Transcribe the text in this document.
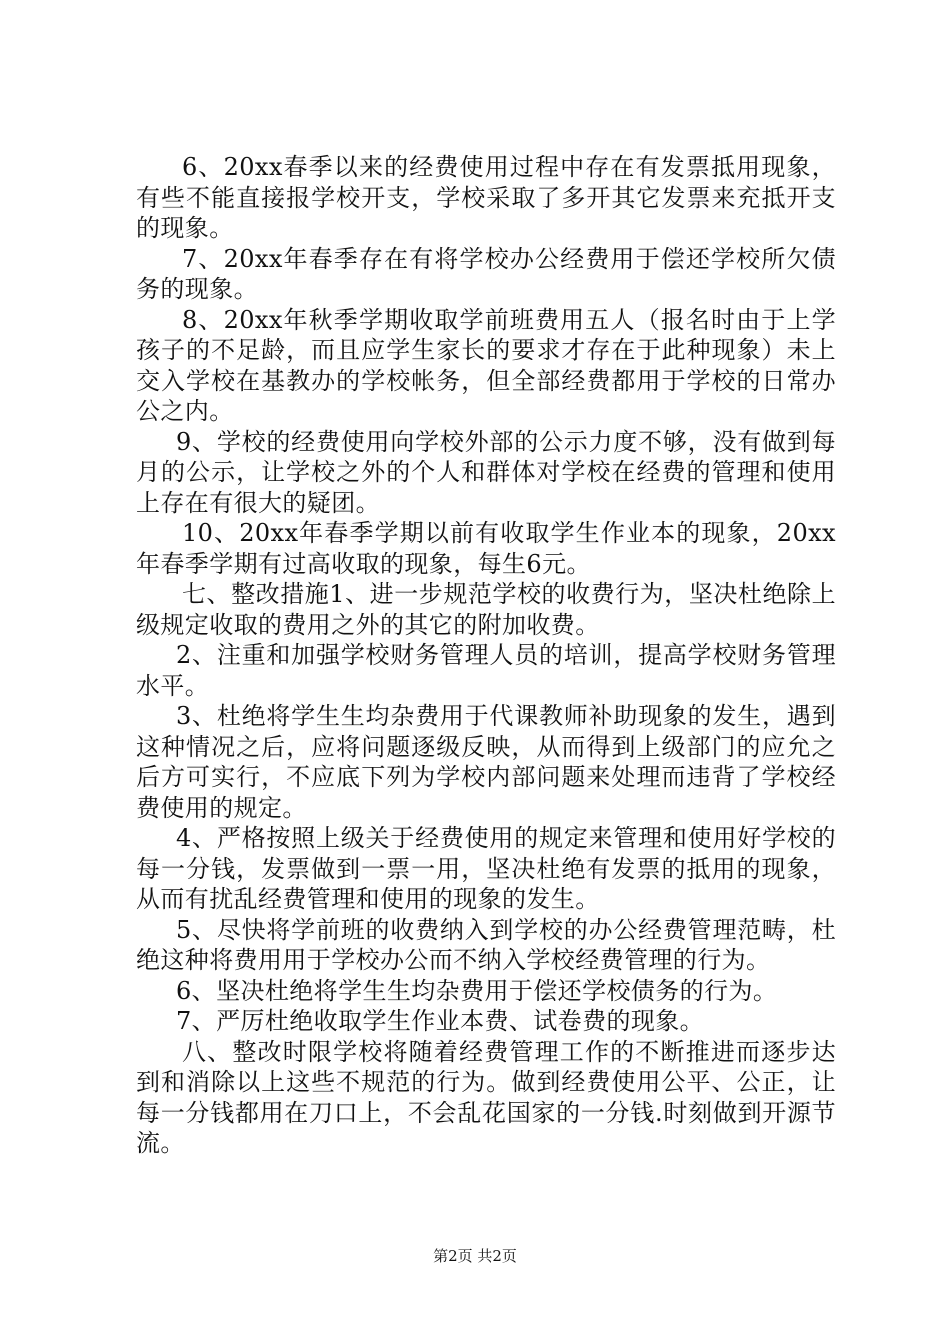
6、20xx春季以来的经费使用过程中存在有发票抵用现象，有些不能直接报学校开支，学校采取了多开其它发票来充抵开支的现象。

7、20xx年春季存在有将学校办公经费用于偿还学校所欠债务的现象。

8、20xx年秋季学期收取学前班费用五人（报名时由于上学孩子的不足龄，而且应学生家长的要求才存在于此种现象）未上交入学校在基教办的学校帐务，但全部经费都用于学校的日常办公之内。

9、学校的经费使用向学校外部的公示力度不够，没有做到每月的公示，让学校之外的个人和群体对学校在经费的管理和使用上存在有很大的疑团。

10、20xx年春季学期以前有收取学生作业本的现象，20xx年春季学期有过高收取的现象，每生6元。

七、整改措施1、进一步规范学校的收费行为，坚决杜绝除上级规定收取的费用之外的其它的附加收费。

2、注重和加强学校财务管理人员的培训，提高学校财务管理水平。

3、杜绝将学生生均杂费用于代课教师补助现象的发生，遇到这种情况之后，应将问题逐级反映，从而得到上级部门的应允之后方可实行，不应底下列为学校内部问题来处理而违背了学校经费使用的规定。

4、严格按照上级关于经费使用的规定来管理和使用好学校的每一分钱，发票做到一票一用，坚决杜绝有发票的抵用的现象，从而有扰乱经费管理和使用的现象的发生。

5、尽快将学前班的收费纳入到学校的办公经费管理范畴，杜绝这种将费用用于学校办公而不纳入学校经费管理的行为。

6、坚决杜绝将学生生均杂费用于偿还学校债务的行为。

7、严厉杜绝收取学生作业本费、试卷费的现象。

八、整改时限学校将随着经费管理工作的不断推进而逐步达到和消除以上这些不规范的行为。做到经费使用公平、公正，让每一分钱都用在刀口上，不会乱花国家的一分钱.时刻做到开源节流。

第2页 共2页
